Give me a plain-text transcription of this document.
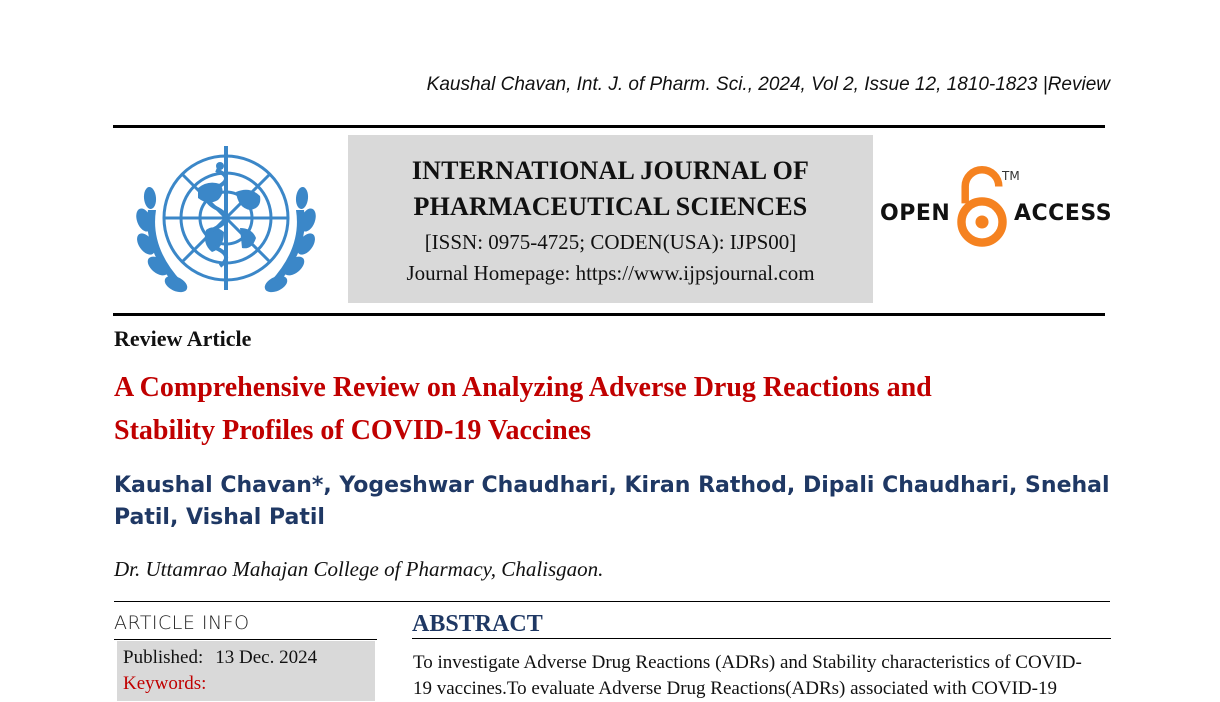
Kaushal Chavan, Int. J. of Pharm. Sci., 2024, Vol 2, Issue 12, 1810-1823 |Review
INTERNATIONAL JOURNAL OF
PHARMACEUTICAL SCIENCES
[ISSN: 0975-4725; CODEN(USA): IJPS00]
Journal Homepage: https://www.ijpsjournal.com
OPEN
TM
ACCESS
Review Article
A Comprehensive Review on Analyzing Adverse Drug Reactions and
Stability Profiles of COVID-19 Vaccines
Kaushal Chavan*, Yogeshwar Chaudhari, Kiran Rathod, Dipali Chaudhari, Snehal
Patil, Vishal Patil
Dr. Uttamrao Mahajan College of Pharmacy, Chalisgaon.
ARTICLE INFO
Published: 13 Dec. 2024
Keywords:
ABSTRACT
To investigate Adverse Drug Reactions (ADRs) and Stability characteristics of COVID-
19 vaccines.To evaluate Adverse Drug Reactions(ADRs) associated with COVID-19
